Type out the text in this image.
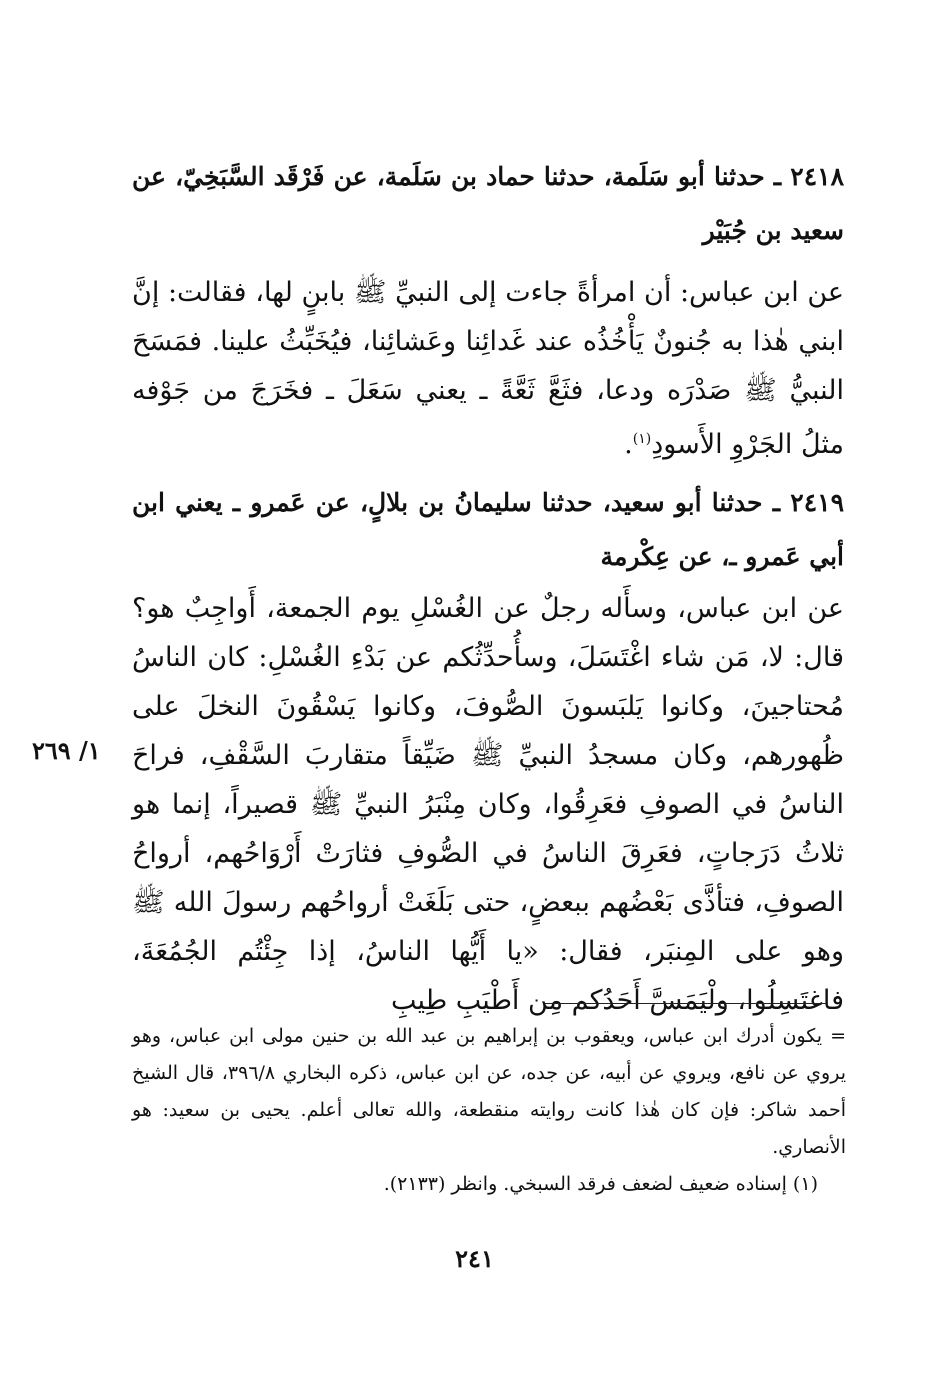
٢٤١٨ ـ حدثنا أبو سَلَمة، حدثنا حماد بن سَلَمة، عن فَرْقَد السَّبَخِيّ، عن سعيد بن جُبَيْر
عن ابن عباس: أن امرأةً جاءت إلى النبيِّ ﷺ بابنٍ لها، فقالت: إنَّ ابني هٰذا به جُنونٌ يَأْخُذُه عند غَدائِنا وعَشائِنا، فيُخَبِّثُ علينا. فمَسَحَ النبيُّ ﷺ صَدْرَه ودعا، فثَعَّ ثَعَّةً ـ يعني سَعَلَ ـ فخَرَجَ من جَوْفه مثلُ الجَرْوِ الأَسودِ$^{(١)}$.
٢٤١٩ ـ حدثنا أبو سعيد، حدثنا سليمانُ بن بلالٍ، عن عَمرو ـ يعني ابن أبي عَمرو ـ، عن عِكْرمة
عن ابن عباس، وسأَله رجلٌ عن الغُسْلِ يوم الجمعة، أَواجِبٌ هو؟ قال: لا، مَن شاء اغْتَسَلَ، وسأُحدِّثُكم عن بَدْءِ الغُسْلِ: كان الناسُ مُحتاجينَ، وكانوا يَلبَسونَ الصُّوفَ، وكانوا يَسْقُونَ النخلَ على ظُهورهم، وكان مسجدُ النبيِّ ﷺ ضَيِّقاً متقاربَ السَّقْفِ، فراحَ الناسُ في الصوفِ فعَرِقُوا، وكان مِنْبَرُ النبيِّ ﷺ قصيراً، إنما هو ثلاثُ دَرَجاتٍ، فعَرِقَ الناسُ في الصُّوفِ فثارَتْ أَرْوَاحُهم، أرواحُ الصوفِ، فتأذَّى بَعْضُهم ببعضٍ، حتى بَلَغَتْ أرواحُهم رسولَ الله ﷺ وهو على المِنبَر، فقال: «يا أَيُّها الناسُ، إذا جِئْتُم الجُمُعَةَ، فاغتَسِلُوا، ولْيَمَسَّ أَحَدُكم مِن أَطْيَبِ طِيبِ
١/ ٢٦٩
= يكون أدرك ابن عباس، ويعقوب بن إبراهيم بن عبد الله بن حنين مولى ابن عباس، وهو يروي عن نافع، ويروي عن أبيه، عن جده، عن ابن عباس، ذكره البخاري ٣٩٦/٨، قال الشيخ أحمد شاكر: فإن كان هٰذا كانت روايته منقطعة، والله تعالى أعلم. يحيى بن سعيد: هو الأنصاري.
(١) إسناده ضعيف لضعف فرقد السبخي. وانظر (٢١٣٣).
٢٤١
